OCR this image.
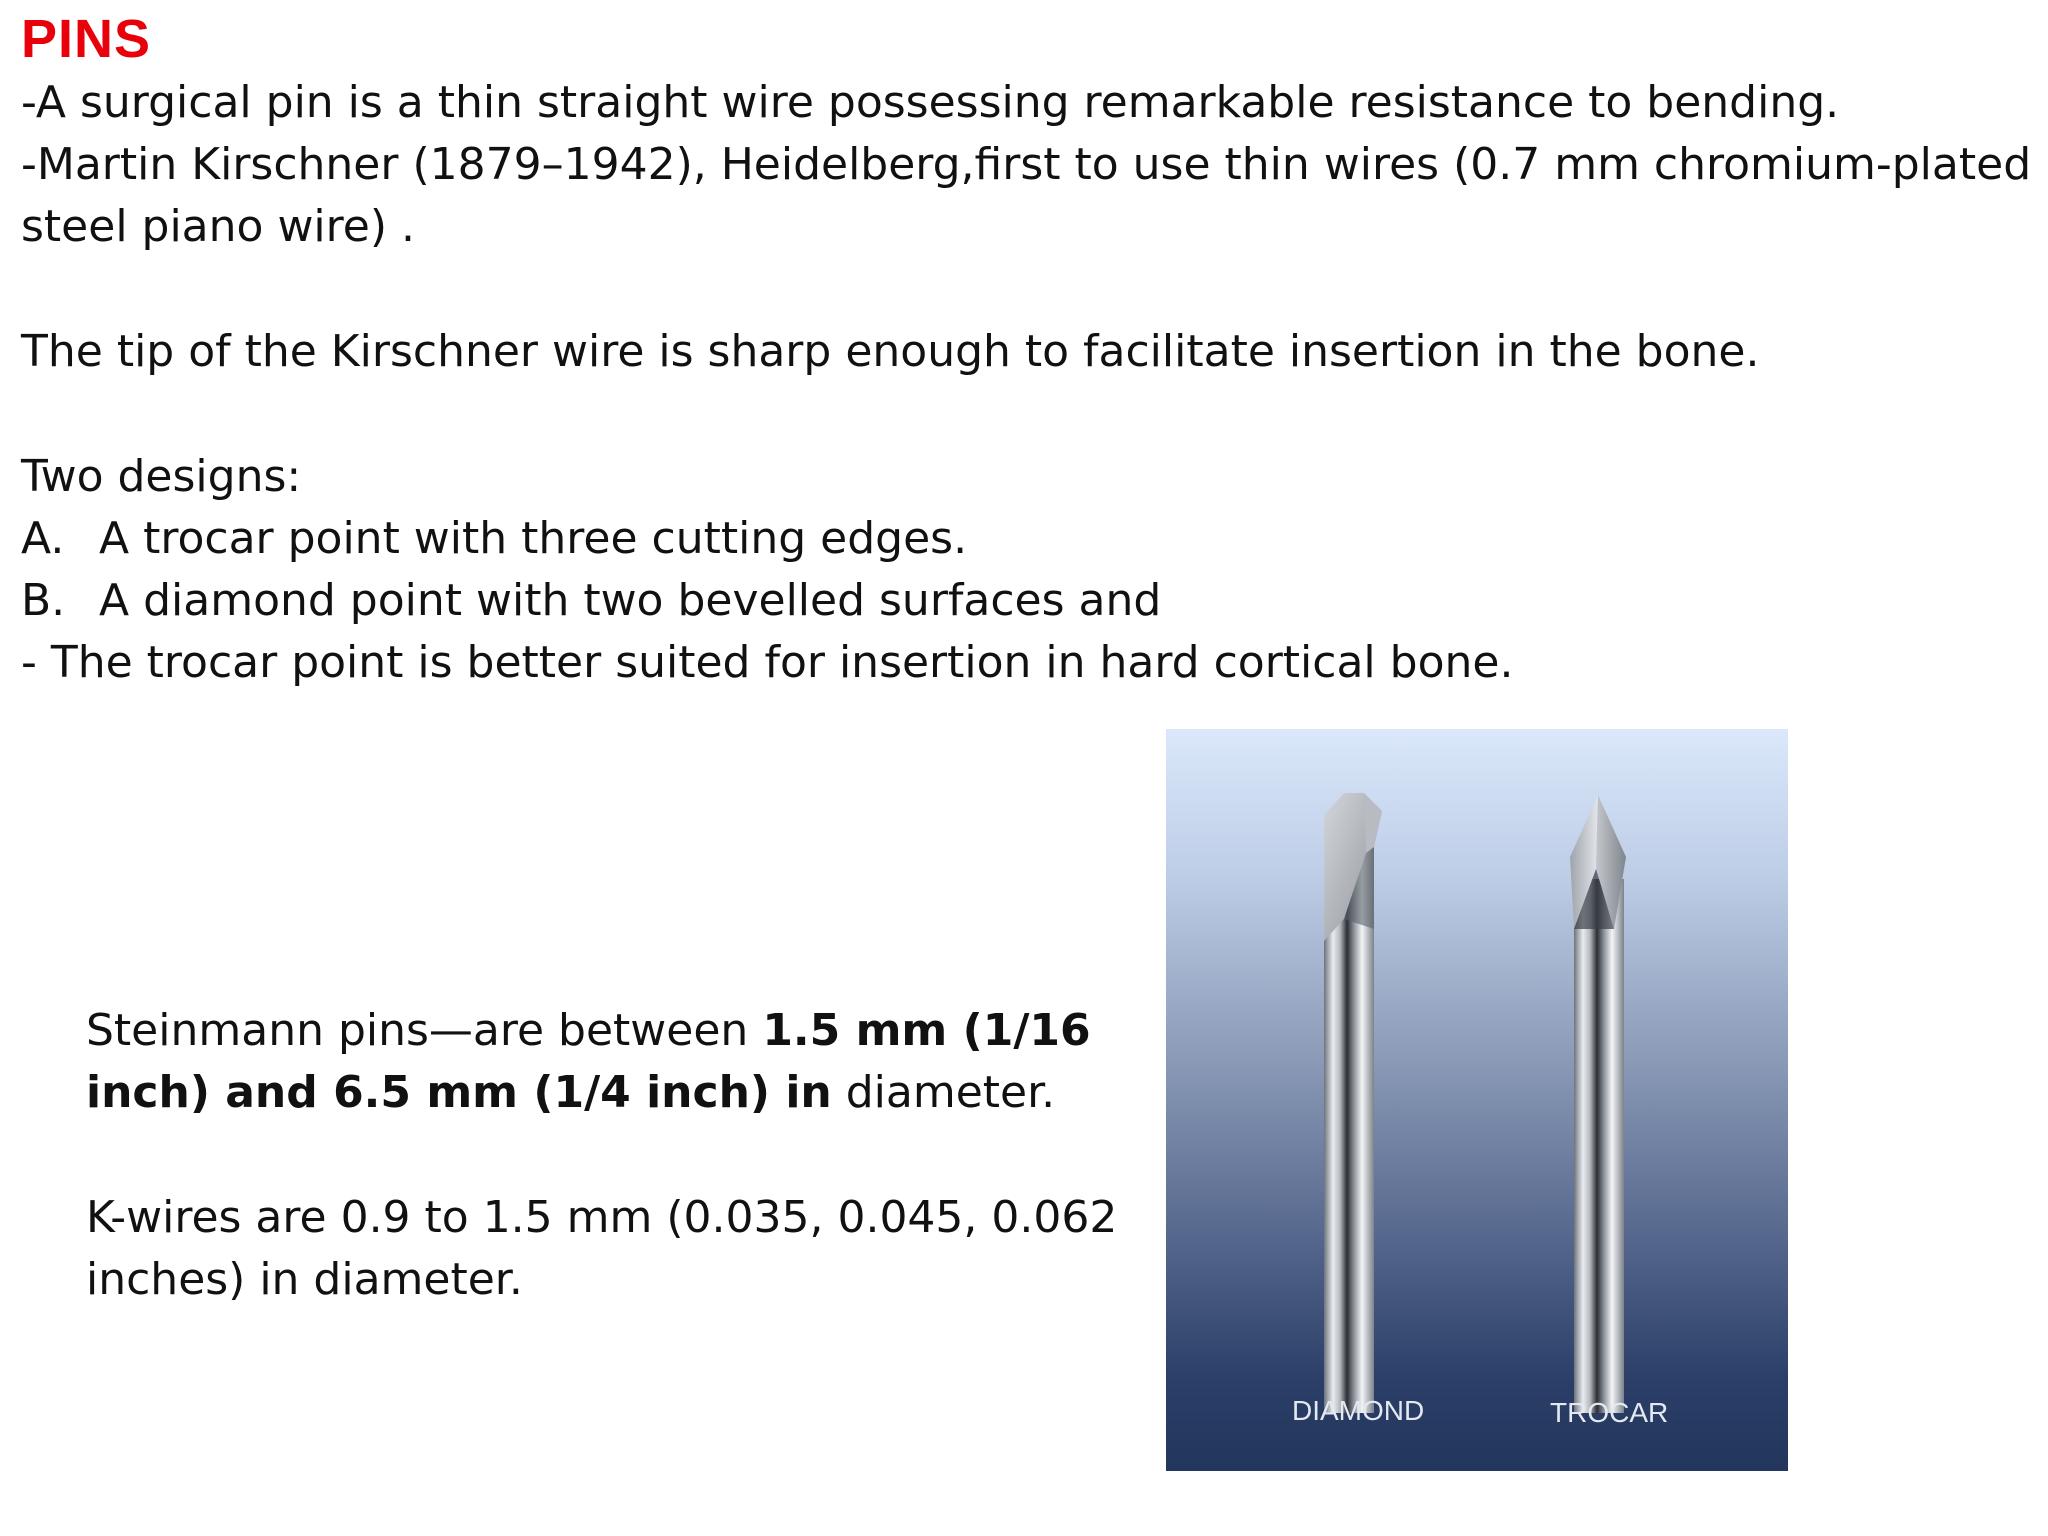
PINS
-A surgical pin is a thin straight wire possessing remarkable resistance to bending.
-Martin Kirschner (1879–1942), Heidelberg,first to use thin wires (0.7 mm chromium-plated
steel piano wire) .
The tip of the Kirschner wire is sharp enough to facilitate insertion in the bone.
Two designs:
A. A trocar point with three cutting edges.
B. A diamond point with two bevelled surfaces and
- The trocar point is better suited for insertion in hard cortical bone.
Steinmann pins—are between 1.5 mm (1/16
inch) and 6.5 mm (1/4 inch) in diameter.
K-wires are 0.9 to 1.5 mm (0.035, 0.045, 0.062
inches) in diameter.
DIAMOND	TROCAR
